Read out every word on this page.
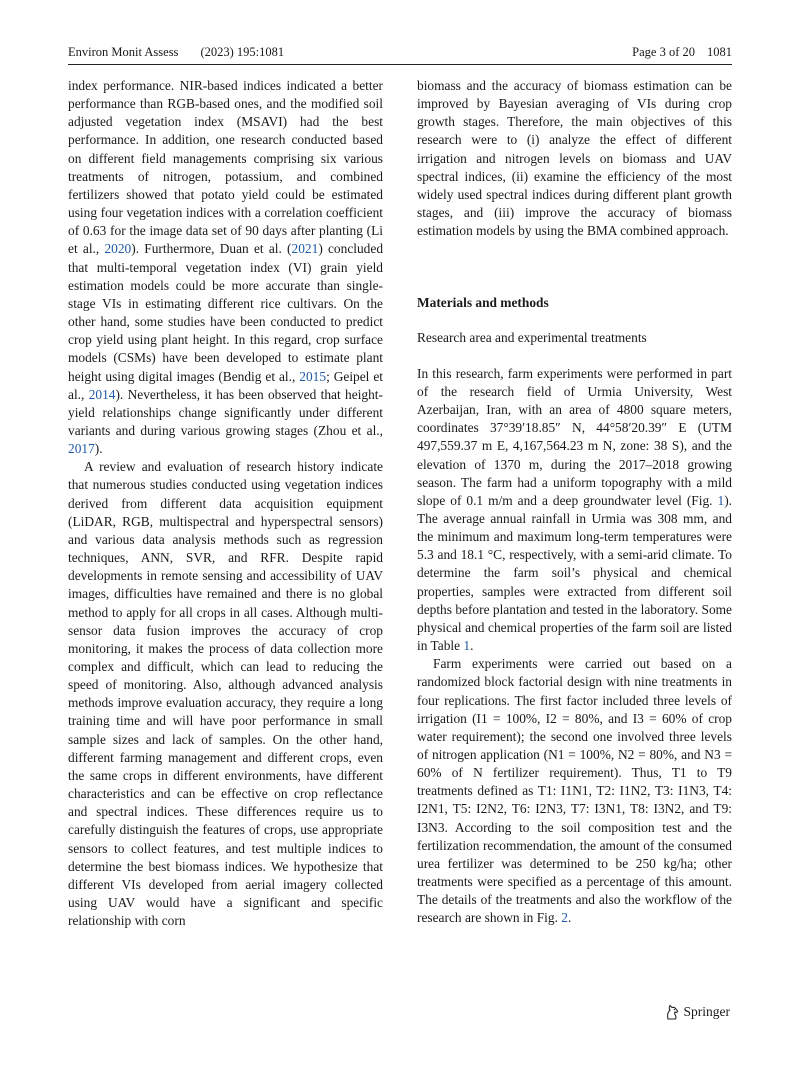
Environ Monit Assess (2023) 195:1081	Page 3 of 20 1081

index performance. NIR-based indices indicated a better performance than RGB-based ones, and the modified soil adjusted vegetation index (MSAVI) had the best performance. In addition, one research conducted based on different field managements comprising six various treatments of nitrogen, potassium, and combined fertilizers showed that potato yield could be estimated using four vegetation indices with a correlation coefficient of 0.63 for the image data set of 90 days after planting (Li et al., 2020). Furthermore, Duan et al. (2021) concluded that multi-temporal vegetation index (VI) grain yield estimation models could be more accurate than single-stage VIs in estimating different rice cultivars. On the other hand, some studies have been conducted to predict crop yield using plant height. In this regard, crop surface models (CSMs) have been developed to estimate plant height using digital images (Bendig et al., 2015; Geipel et al., 2014). Nevertheless, it has been observed that height-yield relationships change significantly under different variants and during various growing stages (Zhou et al., 2017).

A review and evaluation of research history indicate that numerous studies conducted using vegetation indices derived from different data acquisition equipment (LiDAR, RGB, multispectral and hyperspectral sensors) and various data analysis methods such as regression techniques, ANN, SVR, and RFR. Despite rapid developments in remote sensing and accessibility of UAV images, difficulties have remained and there is no global method to apply for all crops in all cases. Although multi-sensor data fusion improves the accuracy of crop monitoring, it makes the process of data collection more complex and difficult, which can lead to reducing the speed of monitoring. Also, although advanced analysis methods improve evaluation accuracy, they require a long training time and will have poor performance in small sample sizes and lack of samples. On the other hand, different farming management and different crops, even the same crops in different environments, have different characteristics and can be effective on crop reflectance and spectral indices. These differences require us to carefully distinguish the features of crops, use appropriate sensors to collect features, and test multiple indices to determine the best biomass indices. We hypothesize that different VIs developed from aerial imagery collected using UAV would have a significant and specific relationship with corn

biomass and the accuracy of biomass estimation can be improved by Bayesian averaging of VIs during crop growth stages. Therefore, the main objectives of this research were to (i) analyze the effect of different irrigation and nitrogen levels on biomass and UAV spectral indices, (ii) examine the efficiency of the most widely used spectral indices during different plant growth stages, and (iii) improve the accuracy of biomass estimation models by using the BMA combined approach.

Materials and methods

Research area and experimental treatments

In this research, farm experiments were performed in part of the research field of Urmia University, West Azerbaijan, Iran, with an area of 4800 square meters, coordinates 37°39′18.85″ N, 44°58′20.39″ E (UTM 497,559.37 m E, 4,167,564.23 m N, zone: 38 S), and the elevation of 1370 m, during the 2017–2018 growing season. The farm had a uniform topography with a mild slope of 0.1 m/m and a deep groundwater level (Fig. 1). The average annual rainfall in Urmia was 308 mm, and the minimum and maximum long-term temperatures were 5.3 and 18.1 °C, respectively, with a semi-arid climate. To determine the farm soil’s physical and chemical properties, samples were extracted from different soil depths before plantation and tested in the laboratory. Some physical and chemical properties of the farm soil are listed in Table 1.

Farm experiments were carried out based on a randomized block factorial design with nine treatments in four replications. The first factor included three levels of irrigation (I1 = 100%, I2 = 80%, and I3 = 60% of crop water requirement); the second one involved three levels of nitrogen application (N1 = 100%, N2 = 80%, and N3 = 60% of N fertilizer requirement). Thus, T1 to T9 treatments defined as T1: I1N1, T2: I1N2, T3: I1N3, T4: I2N1, T5: I2N2, T6: I2N3, T7: I3N1, T8: I3N2, and T9: I3N3. According to the soil composition test and the fertilization recommendation, the amount of the consumed urea fertilizer was determined to be 250 kg/ha; other treatments were specified as a percentage of this amount. The details of the treatments and also the workflow of the research are shown in Fig. 2.

Springer
